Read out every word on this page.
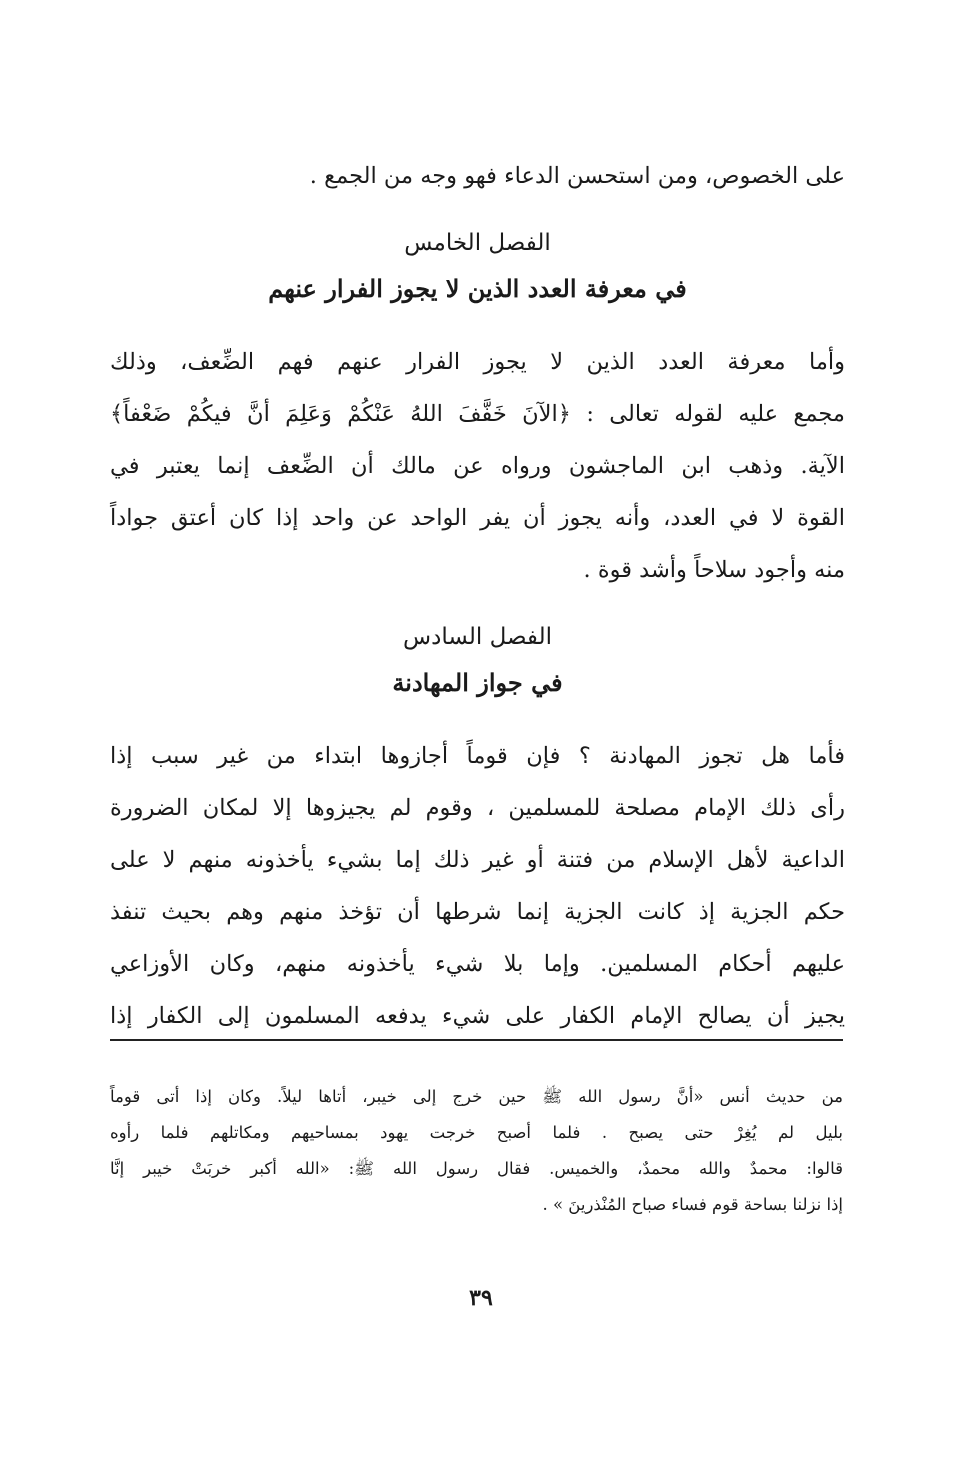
على الخصوص، ومن استحسن الدعاء فهو وجه من الجمع .
الفصل الخامس
في معرفة العدد الذين لا يجوز الفرار عنهم
وأما معرفة العدد الذين لا يجوز الفرار عنهم فهم الضِّعف، وذلك
مجمع عليه لقوله تعالى : ﴿الآنَ خَفَّفَ اللهُ عَنْكُمْ وَعَلِمَ أنَّ فيكُمْ ضَعْفاً﴾
الآية. وذهب ابن الماجشون ورواه عن مالك أن الضِّعف إنما يعتبر في
القوة لا في العدد، وأنه يجوز أن يفر الواحد عن واحد إذا كان أعتق جواداً
منه وأجود سلاحاً وأشد قوة .
الفصل السادس
في جواز المهادنة
فأما هل تجوز المهادنة ؟ فإن قوماً أجازوها ابتداء من غير سبب إذا
رأى ذلك الإمام مصلحة للمسلمين ، وقوم لم يجيزوها إلا لمكان الضرورة
الداعية لأهل الإسلام من فتنة أو غير ذلك إما بشيء يأخذونه منهم لا على
حكم الجزية إذ كانت الجزية إنما شرطها أن تؤخذ منهم وهم بحيث تنفذ
عليهم أحكام المسلمين. وإما بلا شيء يأخذونه منهم، وكان الأوزاعي
يجيز أن يصالح الإمام الكفار على شيء يدفعه المسلمون إلى الكفار إذا
من حديث أنس «أنَّ رسول الله ﷺ حين خرج إلى خيبر، أتاها ليلاً. وكان إذا أتى قوماً
بليل لم يُغِرْ حتى يصبح . فلما أصبح خرجت يهود بمساحيهم ومكاتلهم فلما رأوه
قالوا: محمدٌ والله محمدٌ، والخميس. فقال رسول الله ﷺ: «الله أكبر خربَتْ خيبر إنَّا
إذا نزلنا بساحة قوم فساء صباح المُنْذرينَ » .
٣٩
